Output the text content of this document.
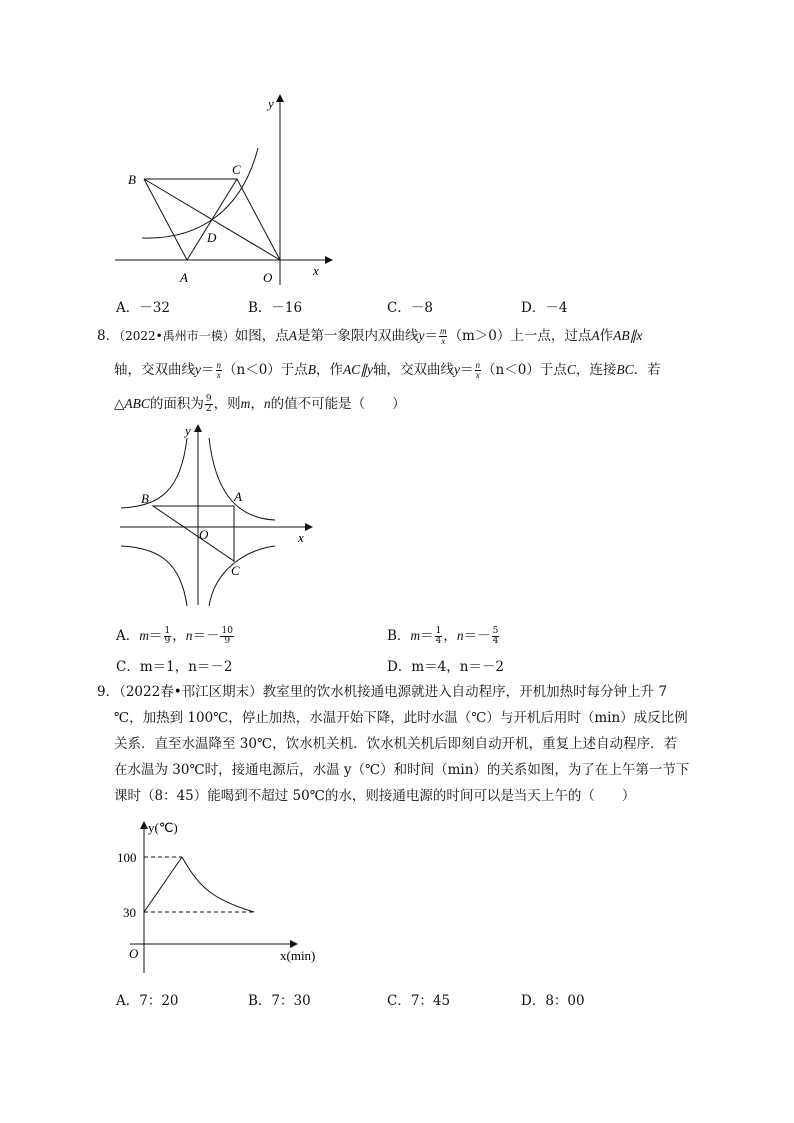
y
x
B
C
D
A	O
A．－32	B．－16	C．－8	D．－4
8．（2022•禹州市一模）如图，点A是第一象限内双曲线$y= \frac{m}{x} (m>0)$上一点，过点A作AB∥x
轴，交双曲线$y= \frac{n}{x} (n<0)$于点B，作AC∥y轴，交双曲线$y= \frac{n}{x} (n<0)$于点C，连接BC．若
△ABC的面积为 $\frac{9}{2}$ ，则m，n的值不可能是（　　）
y
x
B	A
O
C
A．$m= \frac{1}{9}$ ，$n=- \frac{10}{9}$	B．$m= \frac{1}{4}$ ，$n=- \frac{5}{4}$
C．m＝1，n＝－2	D．m＝4，n＝－2
9．（2022春•邗江区期末）教室里的饮水机接通电源就进入自动程序，开机加热时每分钟上升 7
℃，加热到 100℃，停止加热，水温开始下降，此时水温（℃）与开机后用时（min）成反比例
关系．直至水温降至 30℃，饮水机关机．饮水机关机后即刻自动开机，重复上述自动程序．若
在水温为 30℃时，接通电源后，水温 y（℃）和时间（min）的关系如图，为了在上午第一节下
课时（8：45）能喝到不超过 50℃的水，则接通电源的时间可以是当天上午的（　　）
y(℃)
100
30
O	x(min)
A．7：20	B．7：30	C．7：45	D．8：00
